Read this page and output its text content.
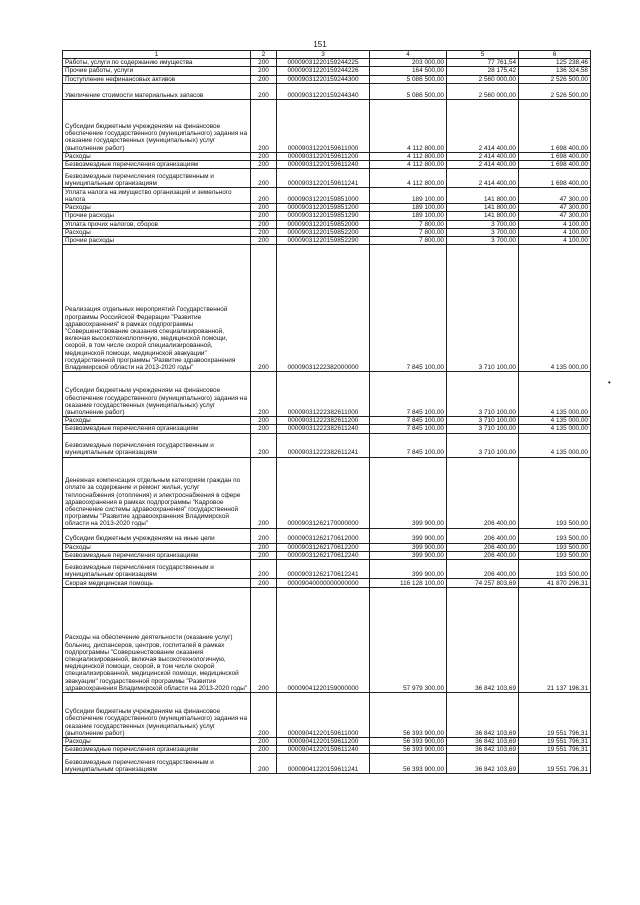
151
1	2	3	4	5	6
Работы, услуги по содержанию имущества	200	00009031220159244225	203 000,00	77 761,54	125 238,46
Прочие работы, услуги	200	00009031220159244226	164 500,00	28 175,42	136 324,58
Поступление нефинансовых активов	200	00009031220159244300	5 086 500,00	2 560 000,00	2 526 500,00
Увеличение стоимости материальных запасов	200	00009031220159244340	5 086 500,00	2 560 000,00	2 526 500,00
Субсидии бюджетным учреждениям на финансовое обеспечение государственного (муниципального) задания на оказание государственных (муниципальных) услуг (выполнение работ)	200	00009031220159611000	4 112 800,00	2 414 400,00	1 698 400,00
Расходы	200	00009031220159611200	4 112 800,00	2 414 400,00	1 698 400,00
Безвозмездные перечисления организациям	200	00009031220159611240	4 112 800,00	2 414 400,00	1 698 400,00
Безвозмездные перечисления государственным и муниципальным организациям	200	00009031220159611241	4 112 800,00	2 414 400,00	1 698 400,00
Уплата налога на имущество организаций и земельного налога	200	00009031220159851000	189 100,00	141 800,00	47 300,00
Расходы	200	00009031220159851200	189 100,00	141 800,00	47 300,00
Прочие расходы	200	00009031220159851290	189 100,00	141 800,00	47 300,00
Уплата прочих налогов, сборов	200	00009031220159852000	7 800,00	3 700,00	4 100,00
Расходы	200	00009031220159852200	7 800,00	3 700,00	4 100,00
Прочие расходы	200	00009031220159852290	7 800,00	3 700,00	4 100,00
Реализация отдельных мероприятий Государственной программы Российской Федерации "Развитие здравоохранения" в рамках подпрограммы "Совершенствование оказания специализированной, включая высокотехнологичную, медицинской помощи, скорой, в том числе скорой специализированной, медицинской помощи, медицинской эвакуации" государственной программы "Развитие здравоохранения Владимирской области на 2013-2020 годы"	200	00009031222382000000	7 845 100,00	3 710 100,00	4 135 000,00
Субсидии бюджетным учреждениям на финансовое обеспечение государственного (муниципального) задания на оказание государственных (муниципальных) услуг (выполнение работ)	200	00009031222382611000	7 845 100,00	3 710 100,00	4 135 000,00
Расходы	200	00009031222382611200	7 845 100,00	3 710 100,00	4 135 000,00
Безвозмездные перечисления организациям	200	00009031222382611240	7 845 100,00	3 710 100,00	4 135 000,00
Безвозмездные перечисления государственным и муниципальным организациям	200	00009031222382611241	7 845 100,00	3 710 100,00	4 135 000,00
Денежная компенсация отдельным категориям граждан по оплате за содержание и ремонт жилья, услуг теплоснабжения (отопления) и электроснабжения в сфере здравоохранения в рамках подпрограммы "Кадровое обеспечение системы здравоохранения" государственной программы "Развитие здравоохранения Владимирской области на 2013-2020 годы"	200	00009031262170000000	399 900,00	206 400,00	193 500,00
Субсидии бюджетным учреждениям на иные цели	200	00009031262170612000	399 900,00	206 400,00	193 500,00
Расходы	200	00009031262170612200	399 900,00	206 400,00	193 500,00
Безвозмездные перечисления организациям	200	00009031262170612240	399 900,00	206 400,00	193 500,00
Безвозмездные перечисления государственным и муниципальным организациям	200	00009031262170612241	399 900,00	206 400,00	193 500,00
Скорая медицинская помощь	200	00009040000000000000	116 128 100,00	74 257 803,69	41 870 296,31
Расходы на обеспечение деятельности (оказание услуг) больниц, диспансеров, центров, госпиталей в рамках подпрограммы "Совершенствование оказания специализированной, включая высокотехнологичную, медицинской помощи, скорой, в том числе скорой специализированной, медицинской помощи, медицинской эвакуации" государственной программы "Развитие здравоохранения Владимирской области на 2013-2020 годы"	200	00009041220159000000	57 979 300,00	36 842 103,69	21 137 196,31
Субсидии бюджетным учреждениям на финансовое обеспечение государственного (муниципального) задания на оказание государственных (муниципальных) услуг (выполнение работ)	200	00009041220159611000	56 393 900,00	36 842 103,69	19 551 796,31
Расходы	200	00009041220159611200	56 393 900,00	36 842 103,69	19 551 796,31
Безвозмездные перечисления организациям	200	00009041220159611240	56 393 900,00	36 842 103,69	19 551 796,31
Безвозмездные перечисления государственным и муниципальным организациям	200	00009041220159611241	56 393 900,00	36 842 103,69	19 551 796,31
•
